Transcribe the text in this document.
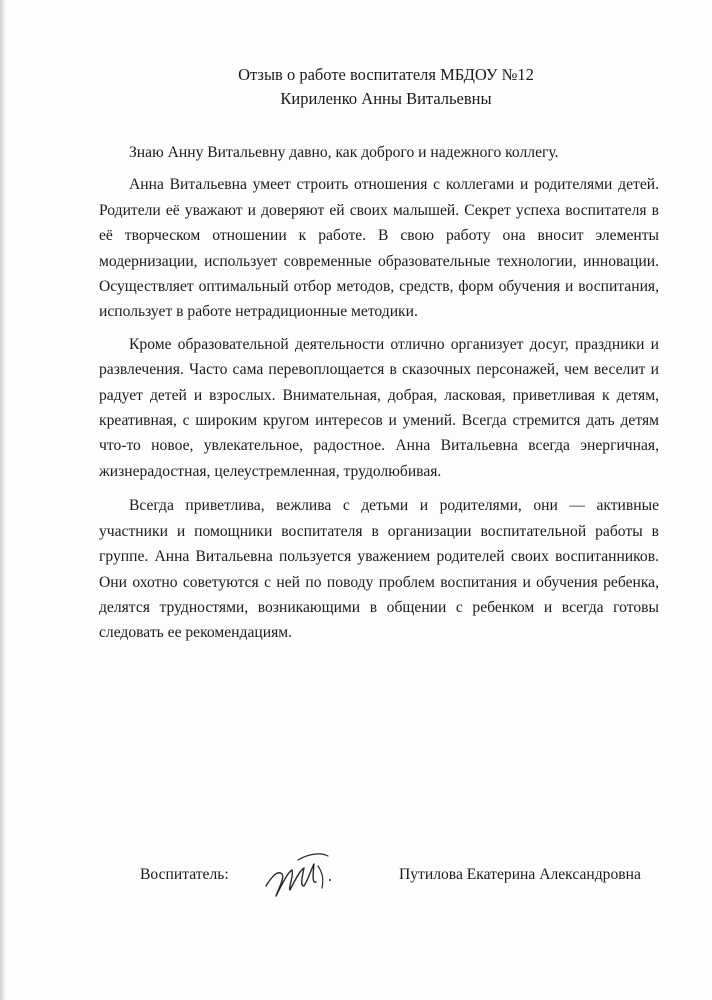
Отзыв о работе воспитателя МБДОУ №12
Кириленко Анны Витальевны

Знаю Анну Витальевну давно, как доброго и надежного коллегу.

Анна Витальевна умеет строить отношения с коллегами и родителями детей. Родители её уважают и доверяют ей своих малышей. Секрет успеха воспитателя в её творческом отношении к работе. В свою работу она вносит элементы модернизации, использует современные образовательные технологии, инновации. Осуществляет оптимальный отбор методов, средств, форм обучения и воспитания, использует в работе нетрадиционные методики.

Кроме образовательной деятельности отлично организует досуг, праздники и развлечения. Часто сама перевоплощается в сказочных персонажей, чем веселит и радует детей и взрослых. Внимательная, добрая, ласковая, приветливая к детям, креативная, с широким кругом интересов и умений. Всегда стремится дать детям что-то новое, увлекательное, радостное. Анна Витальевна всегда энергичная, жизнерадостная, целеустремленная, трудолюбивая.

Всегда приветлива, вежлива с детьми и родителями, они — активные участники и помощники воспитателя в организации воспитательной работы в группе. Анна Витальевна пользуется уважением родителей своих воспитанников. Они охотно советуются с ней по поводу проблем воспитания и обучения ребенка, делятся трудностями, возникающими в общении с ребенком и всегда готовы следовать ее рекомендациям.

Воспитатель:	Путилова Екатерина Александровна
